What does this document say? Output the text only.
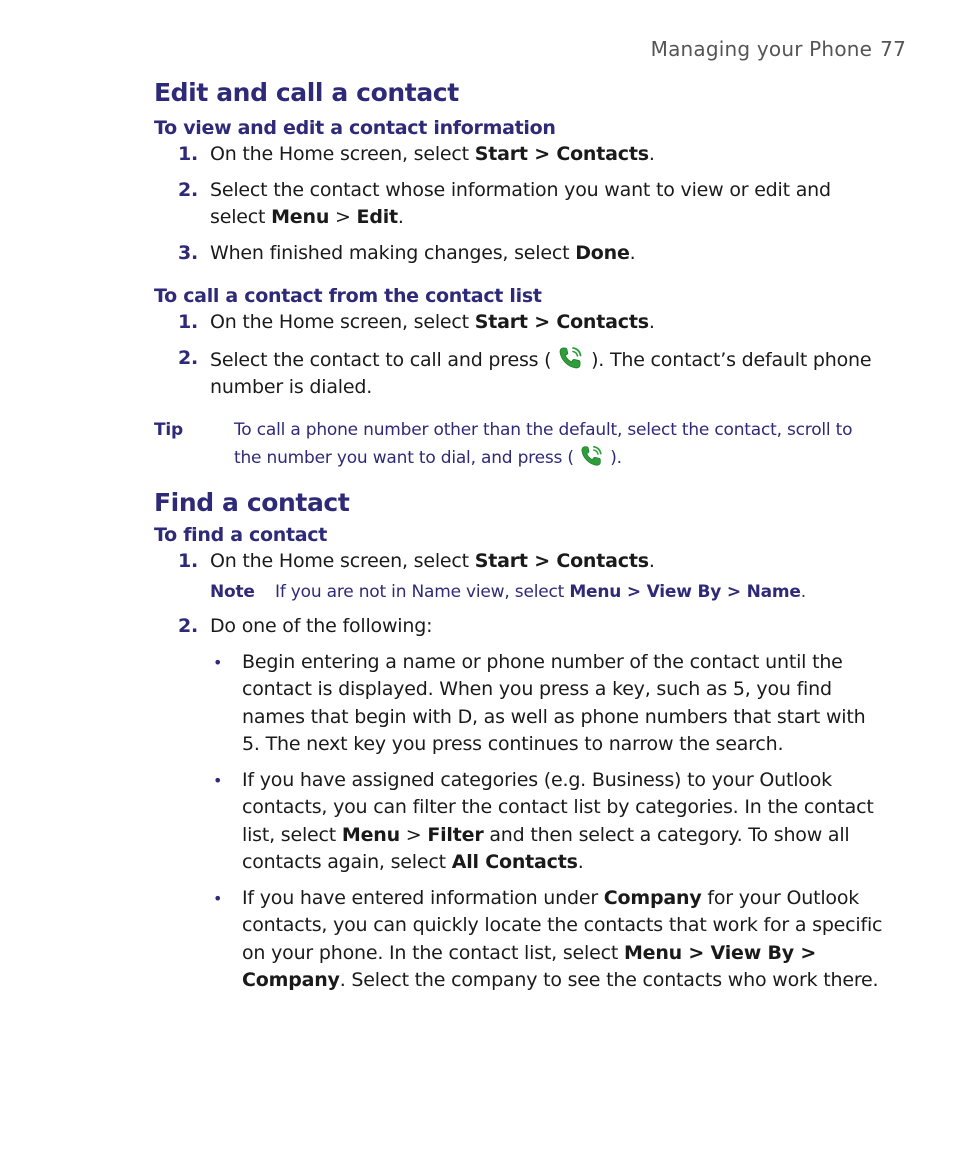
Managing your Phone 77
Edit and call a contact
To view and edit a contact information
1. On the Home screen, select Start > Contacts.
2. Select the contact whose information you want to view or edit and select Menu > Edit.
3. When finished making changes, select Done.
To call a contact from the contact list
1. On the Home screen, select Start > Contacts.
2. Select the contact to call and press ( ). The contact’s default phone number is dialed.
Tip	To call a phone number other than the default, select the contact, scroll to the number you want to dial, and press ( ).
Find a contact
To find a contact
1. On the Home screen, select Start > Contacts.
Note If you are not in Name view, select Menu > View By > Name.
2. Do one of the following:
• Begin entering a name or phone number of the contact until the contact is displayed. When you press a key, such as 5, you find names that begin with D, as well as phone numbers that start with 5. The next key you press continues to narrow the search.
• If you have assigned categories (e.g. Business) to your Outlook contacts, you can filter the contact list by categories. In the contact list, select Menu > Filter and then select a category. To show all contacts again, select All Contacts.
• If you have entered information under Company for your Outlook contacts, you can quickly locate the contacts that work for a specific on your phone. In the contact list, select Menu > View By > Company. Select the company to see the contacts who work there.
